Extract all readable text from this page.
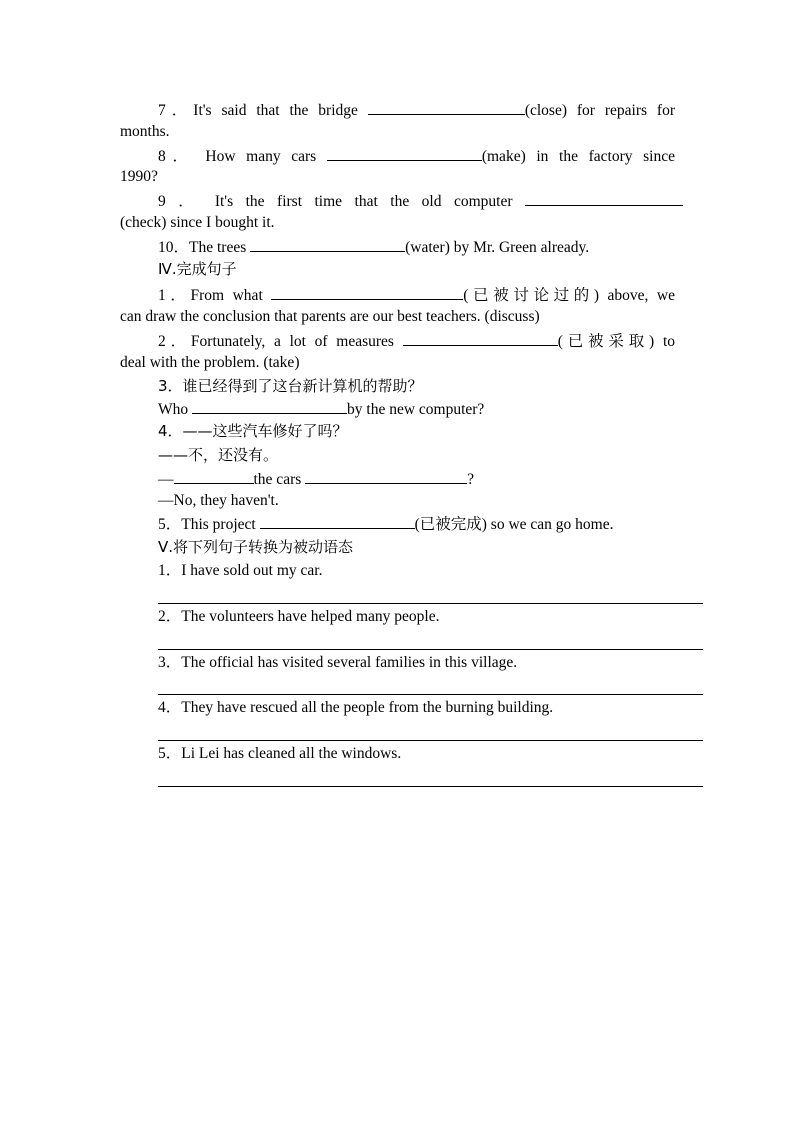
7．It's said that the bridge	(close) for repairs for
months.
8． How many cars	(make) in the factory since
1990?
9 ． It's the first time that the old computer
(check) since I bought it.
10．The trees	(water) by Mr. Green already.
Ⅳ.完成句子
1．From what	(已被讨论过的) above, we
can draw the conclusion that parents are our best teachers. (discuss)
2．Fortunately, a lot of measures	(已被采取) to
deal with the problem. (take)
3．谁已经得到了这台新计算机的帮助？
Who	by the new computer?
4．——这些汽车修好了吗？
——不，还没有。
—	the cars	?
—No, they haven't.
5．This project	(已被完成) so we can go home.
Ⅴ.将下列句子转换为被动语态
1．I have sold out my car.
2．The volunteers have helped many people.
3．The official has visited several families in this village.
4．They have rescued all the people from the burning building.
5．Li Lei has cleaned all the windows.
